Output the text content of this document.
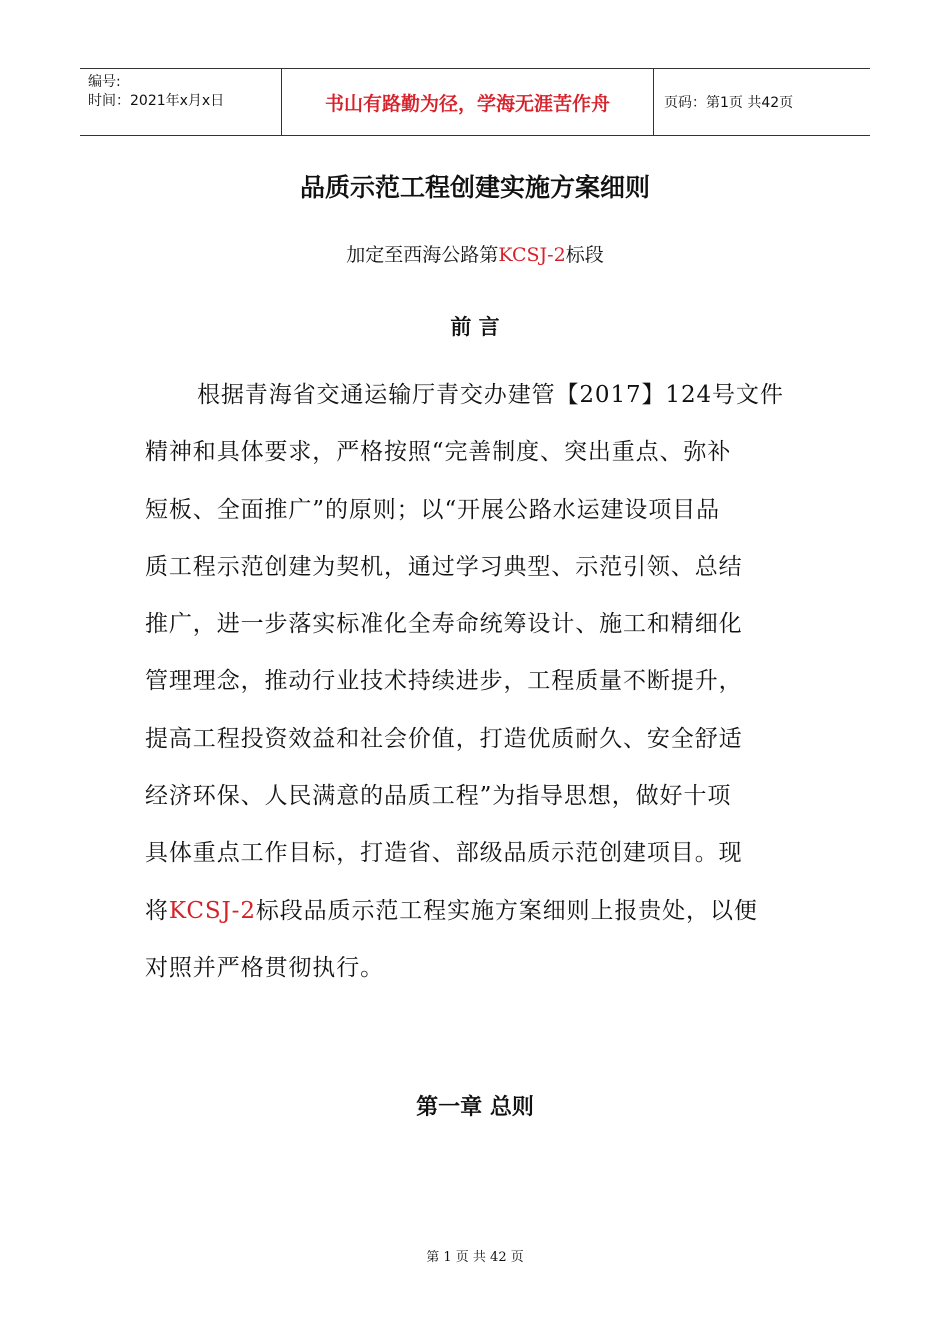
编号:
时间：2021年x月x日	书山有路勤为径，学海无涯苦作舟	页码：第1页 共42页
品质示范工程创建实施方案细则
加定至西海公路第KCSJ-2标段
前 言
根据青海省交通运输厅青交办建管【2017】124号文件
精神和具体要求，严格按照“完善制度、突出重点、弥补
短板、全面推广”的原则；以“开展公路水运建设项目品
质工程示范创建为契机，通过学习典型、示范引领、总结
推广，进一步落实标准化全寿命统筹设计、施工和精细化
管理理念，推动行业技术持续进步，工程质量不断提升，
提高工程投资效益和社会价值，打造优质耐久、安全舒适
经济环保、人民满意的品质工程”为指导思想，做好十项
具体重点工作目标，打造省、部级品质示范创建项目。现
将KCSJ-2标段品质示范工程实施方案细则上报贵处，以便
对照并严格贯彻执行。
第一章 总则
第 1 页 共 42 页
